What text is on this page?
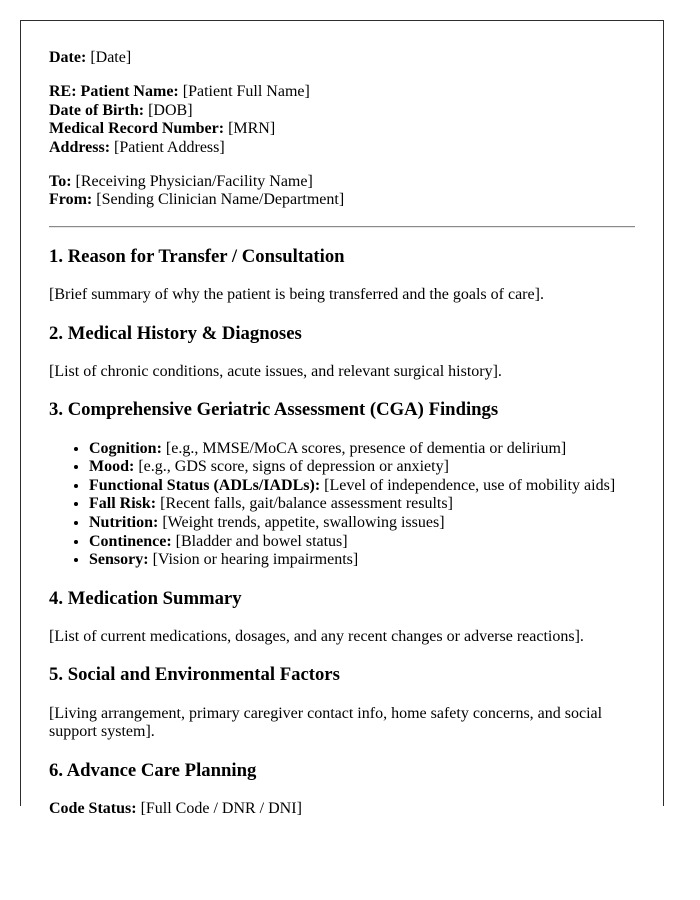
Date: [Date]

RE: Patient Name: [Patient Full Name]
Date of Birth: [DOB]
Medical Record Number: [MRN]
Address: [Patient Address]

To: [Receiving Physician/Facility Name]
From: [Sending Clinician Name/Department]

1. Reason for Transfer / Consultation

[Brief summary of why the patient is being transferred and the goals of care].

2. Medical History & Diagnoses

[List of chronic conditions, acute issues, and relevant surgical history].

3. Comprehensive Geriatric Assessment (CGA) Findings
• Cognition: [e.g., MMSE/MoCA scores, presence of dementia or delirium]
• Mood: [e.g., GDS score, signs of depression or anxiety]
• Functional Status (ADLs/IADLs): [Level of independence, use of mobility aids]
• Fall Risk: [Recent falls, gait/balance assessment results]
• Nutrition: [Weight trends, appetite, swallowing issues]
• Continence: [Bladder and bowel status]
• Sensory: [Vision or hearing impairments]
4. Medication Summary

[List of current medications, dosages, and any recent changes or adverse reactions].

5. Social and Environmental Factors

[Living arrangement, primary caregiver contact info, home safety concerns, and social support system].

6. Advance Care Planning

Code Status: [Full Code / DNR / DNI]
